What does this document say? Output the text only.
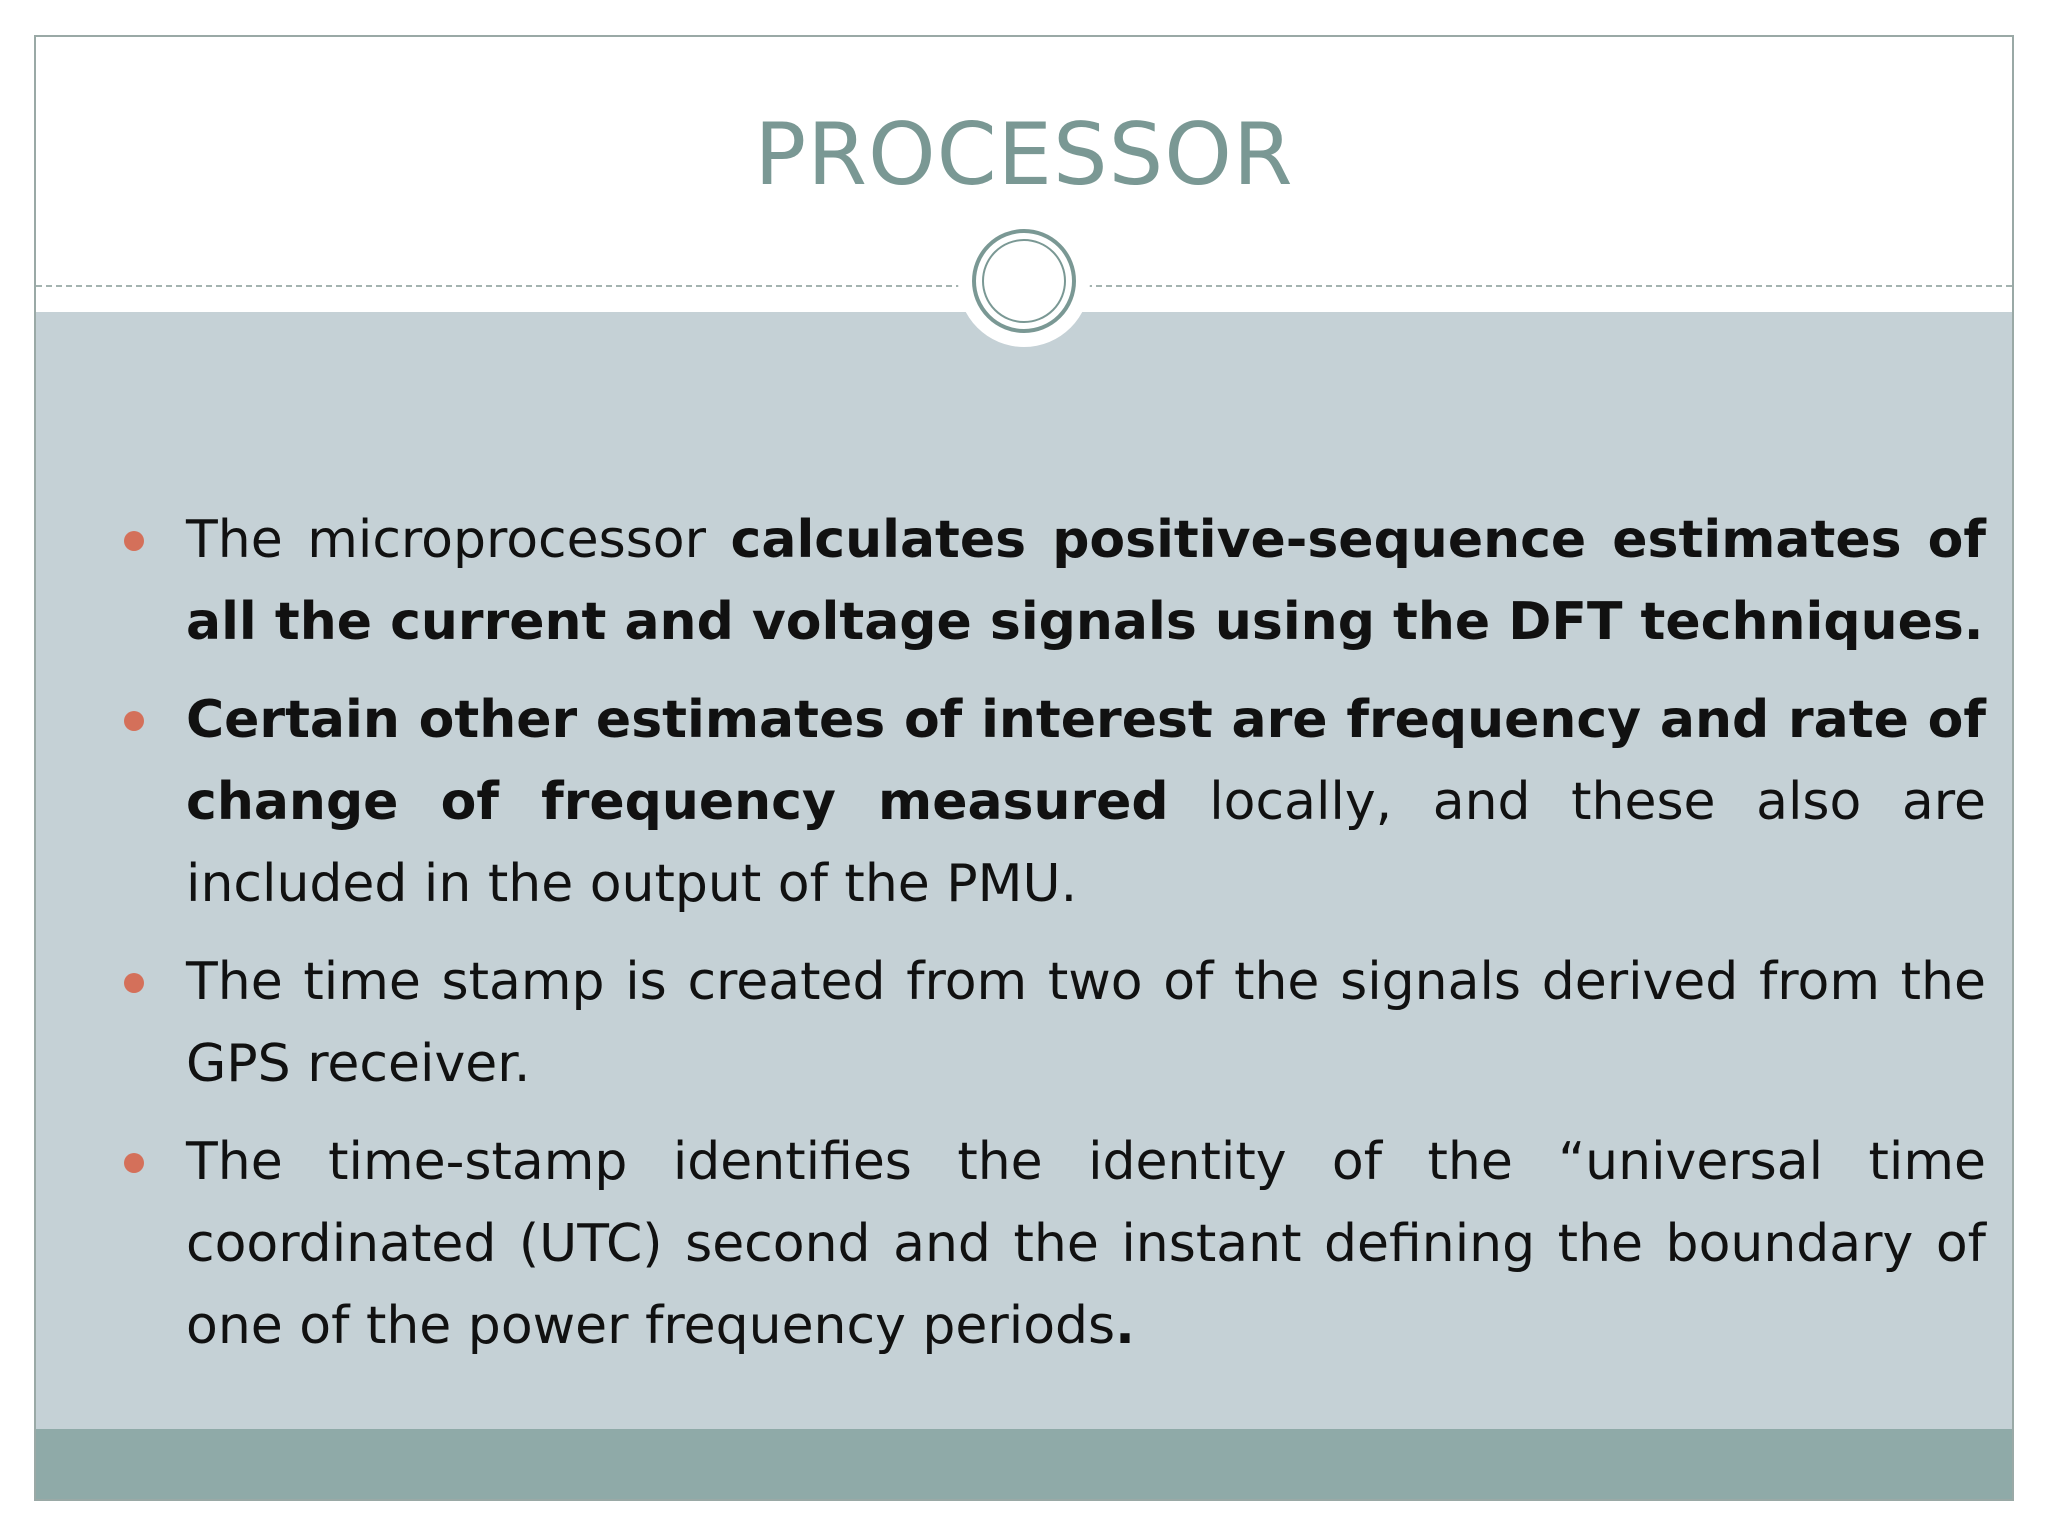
PROCESSOR
The microprocessor calculates positive-sequence estimates of all the current and voltage signals using the DFT techniques.
Certain other estimates of interest are frequency and rate of change of frequency measured locally, and these also are included in the output of the PMU.
The time stamp is created from two of the signals derived from the GPS receiver.
The time-stamp identifies the identity of the “universal time coordinated (UTC) second and the instant defining the boundary of one of the power frequency periods.
